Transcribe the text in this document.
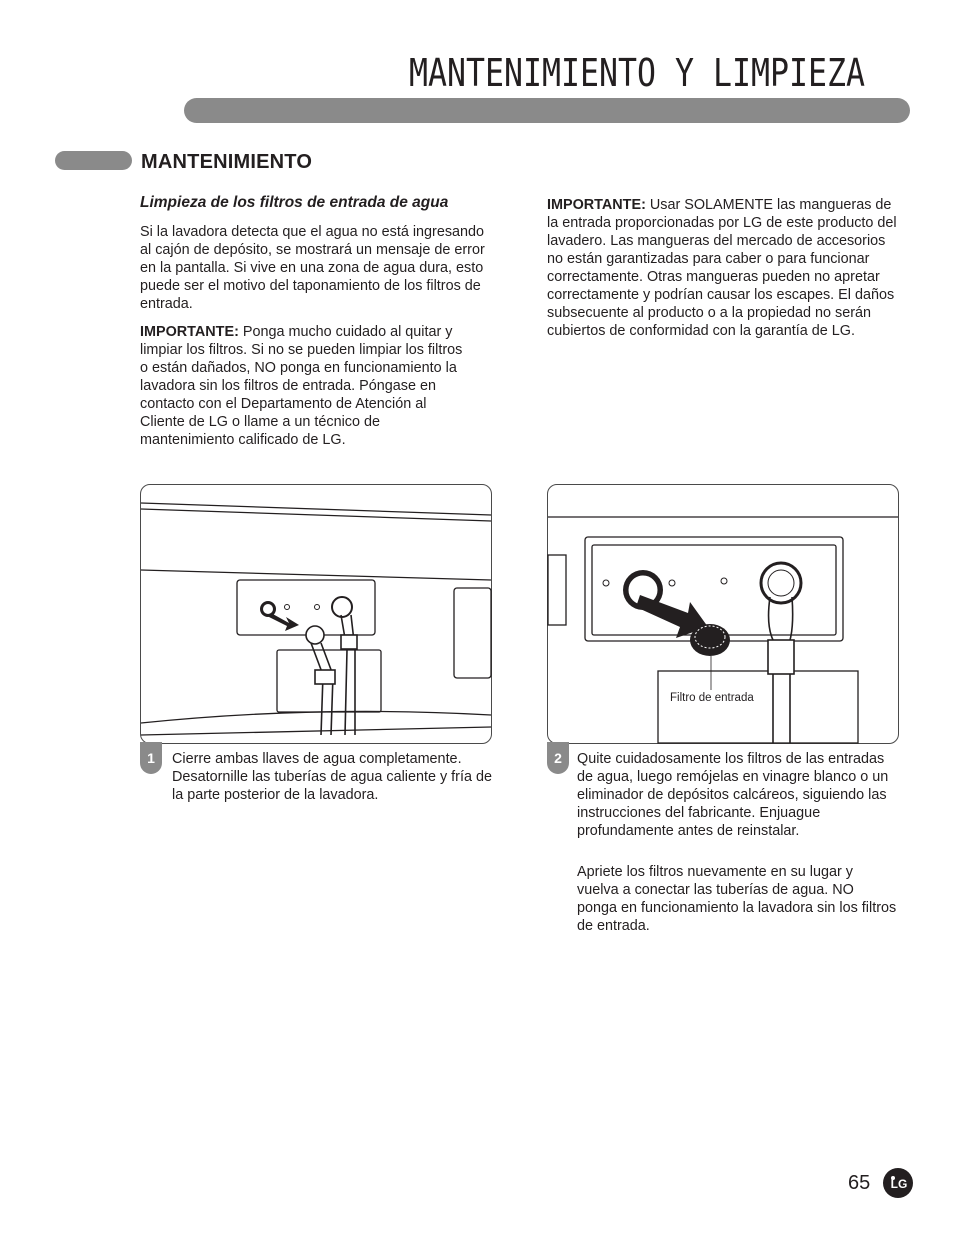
MANTENIMIENTO Y LIMPIEZA
MANTENIMIENTO
Limpieza de los filtros de entrada de agua
Si la lavadora detecta que el agua no está ingresando al cajón de depósito, se mostrará un mensaje de error en la pantalla. Si vive en una zona de agua dura, esto puede ser el motivo del taponamiento de los filtros de entrada.
IMPORTANTE: Ponga mucho cuidado al quitar y limpiar los filtros. Si no se pueden limpiar los filtros o están dañados, NO ponga en funcionamiento la lavadora sin los filtros de entrada. Póngase en contacto con el Departamento de Atención al Cliente de LG o llame a un técnico de mantenimiento calificado de LG.
IMPORTANTE: Usar SOLAMENTE las mangueras de la entrada proporcionadas por LG de este producto del lavadero. Las mangueras del mercado de accesorios no están garantizadas para caber o para funcionar correctamente. Otras mangueras pueden no apretar correctamente y podrían causar los escapes. El daños subsecuente al producto o a la propiedad no serán cubiertos de conformidad con la garantía de LG.
1	Cierre ambas llaves de agua completamente. Desatornille las tuberías de agua caliente y fría de la parte posterior de la lavadora.
Filtro de entrada
2	Quite cuidadosamente los filtros de las entradas de agua, luego remójelas en vinagre blanco o un eliminador de depósitos calcáreos, siguiendo las instrucciones del fabricante. Enjuague profundamente antes de reinstalar.
Apriete los filtros nuevamente en su lugar y vuelva a conectar las tuberías de agua. NO ponga en funcionamiento la lavadora sin los filtros de entrada.
65 LG
